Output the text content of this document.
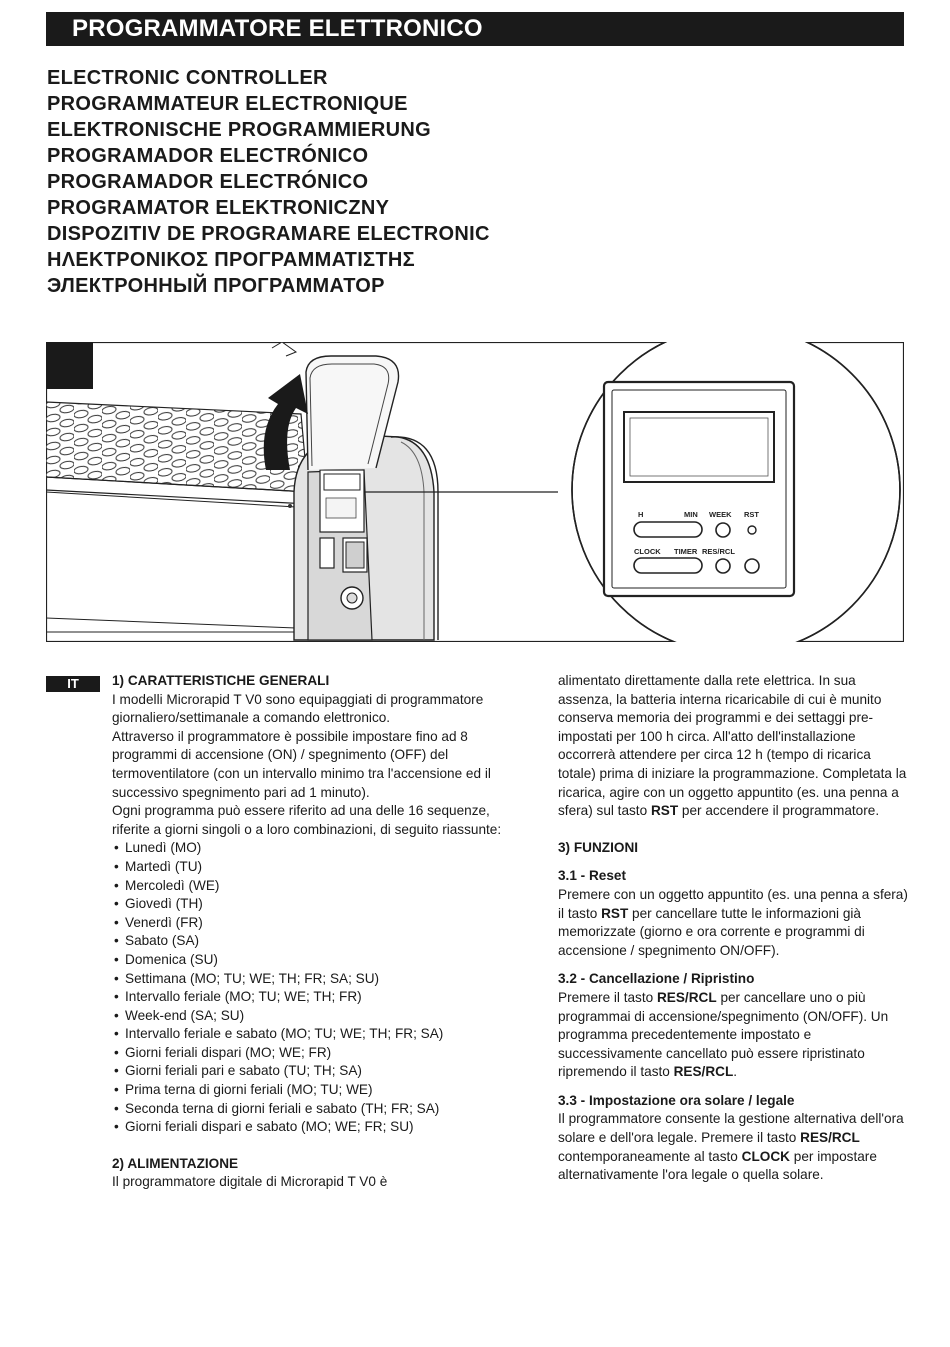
PROGRAMMATORE ELETTRONICO
ELECTRONIC CONTROLLER
PROGRAMMATEUR ELECTRONIQUE
ELEKTRONISCHE PROGRAMMIERUNG
PROGRAMADOR ELECTRÓNICO
PROGRAMADOR ELECTRÓNICO
PROGRAMATOR ELEKTRONICZNY
DISPOZITIV DE PROGRAMARE ELECTRONIC
ΗΛΕΚΤΡΟΝΙΚΟΣ ΠΡΟΓΡΑΜΜΑΤΙΣΤΗΣ
ЭЛЕКТРОННЫЙ ПРОГРАММАТОР
H	MIN WEEK RST
CLOCK TIMER RES/RCL
IT	1) CARATTERISTICHE GENERALI

I modelli Microrapid T V0 sono equipaggiati di programmatore giornaliero/settimanale a comando elettronico.

Attraverso il programmatore è possibile impostare fino ad 8 programmi di accensione (ON) / spegnimento (OFF) del termoventilatore (con un intervallo minimo tra l'accensione ed il successivo spegnimento pari ad 1 minuto).

Ogni programma può essere riferito ad una delle 16 sequenze, riferite a giorni singoli o a loro combinazioni, di seguito riassunte:

• Lunedì (MO)
• Martedì (TU)
• Mercoledì (WE)
• Giovedì (TH)
• Venerdì (FR)
• Sabato (SA)
• Domenica (SU)
• Settimana (MO; TU; WE; TH; FR; SA; SU)
• Intervallo feriale (MO; TU; WE; TH; FR)
• Week-end (SA; SU)
• Intervallo feriale e sabato (MO; TU; WE; TH; FR; SA)
• Giorni feriali dispari (MO; WE; FR)
• Giorni feriali pari e sabato (TU; TH; SA)
• Prima terna di giorni feriali (MO; TU; WE)
• Seconda terna di giorni feriali e sabato (TH; FR; SA)
• Giorni feriali dispari e sabato (MO; WE; FR; SU)
2) ALIMENTAZIONE

Il programmatore digitale di Microrapid T V0 è

alimentato direttamente dalla rete elettrica. In sua assenza, la batteria interna ricaricabile di cui è munito conserva memoria dei programmi e dei settaggi pre-impostati per 100 h circa. All'atto dell'installazione occorrerà attendere per circa 12 h (tempo di ricarica totale) prima di iniziare la programmazione. Completata la ricarica, agire con un oggetto appuntito (es. una penna a sfera) sul tasto RST per accendere il programmatore.

3) FUNZIONI
3.1 - Reset

Premere con un oggetto appuntito (es. una penna a sfera) il tasto RST per cancellare tutte le informazioni già memorizzate (giorno e ora corrente e programmi di accensione / spegnimento ON/OFF).

3.2 - Cancellazione / Ripristino

Premere il tasto RES/RCL per cancellare uno o più programmai di accensione/spegnimento (ON/OFF). Un programma precedentemente impostato e successivamente cancellato può essere ripristinato ripremendo il tasto RES/RCL.

3.3 - Impostazione ora solare / legale

Il programmatore consente la gestione alternativa dell'ora solare e dell'ora legale. Premere il tasto RES/RCL contemporaneamente al tasto CLOCK per impostare alternativamente l'ora legale o quella solare.
